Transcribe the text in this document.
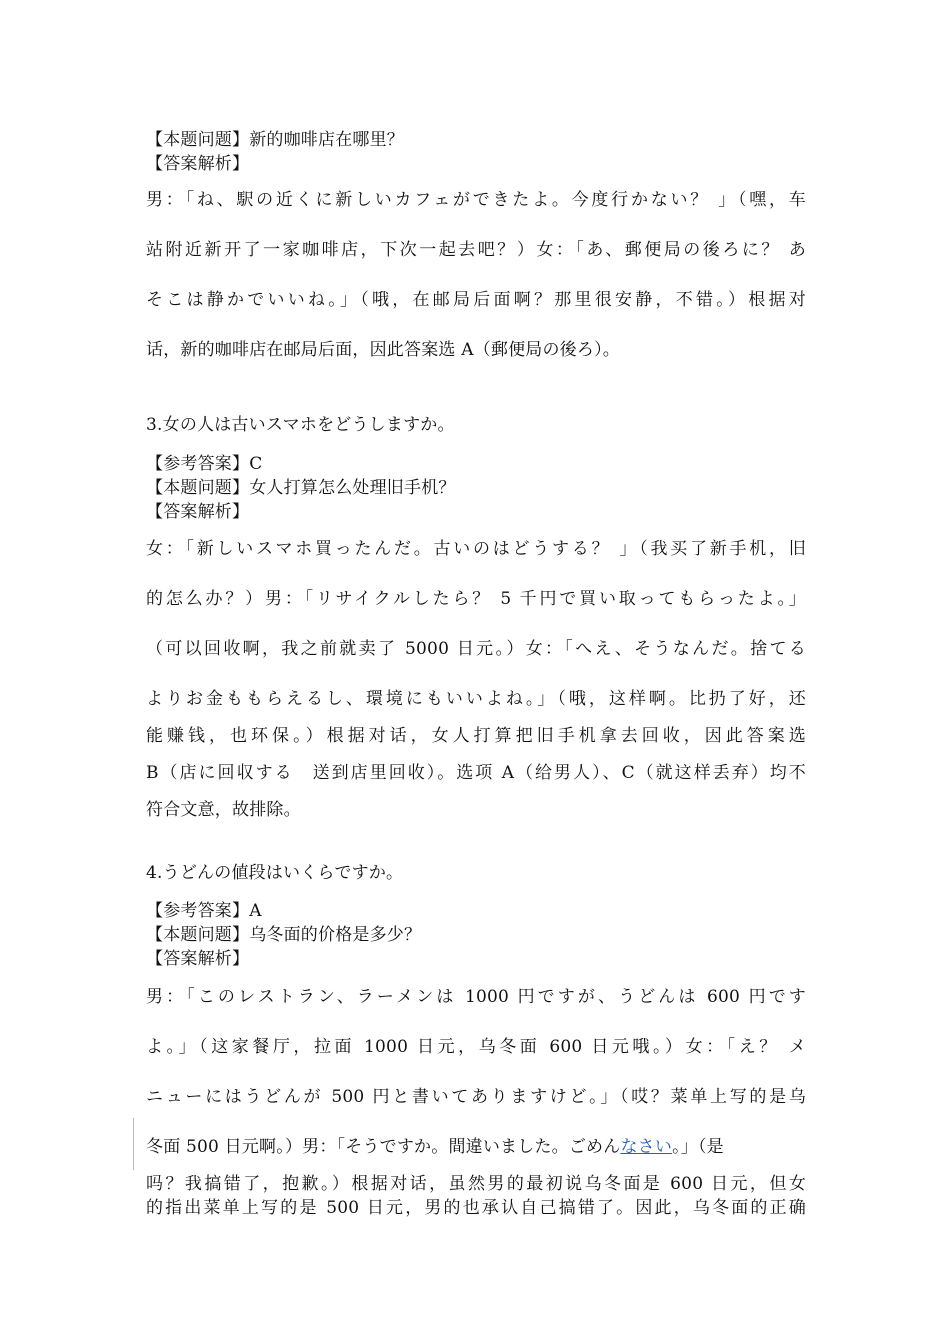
【本题问题】新的咖啡店在哪里？
【答案解析】
男：「ね、駅の近くに新しいカフェができたよ。今度行かない？ 」（嘿，车
站附近新开了一家咖啡店，下次一起去吧？）女：「あ、郵便局の後ろに？ あ
そこは静かでいいね。」（哦，在邮局后面啊？那里很安静，不错。）根据对
话，新的咖啡店在邮局后面，因此答案选 A（郵便局の後ろ）。
3.女の人は古いスマホをどうしますか。
【参考答案】C
【本题问题】女人打算怎么处理旧手机？
【答案解析】
女：「新しいスマホ買ったんだ。古いのはどうする？ 」（我买了新手机，旧
的怎么办？）男：「リサイクルしたら？ 5 千円で買い取ってもらったよ。」
（可以回收啊，我之前就卖了 5000 日元。）女：「へえ、そうなんだ。捨てる
よりお金ももらえるし、環境にもいいよね。」（哦，这样啊。比扔了好，还
能赚钱，也环保。）根据对话，女人打算把旧手机拿去回收，因此答案选
B（店に回収する　送到店里回收）。选项 A（给男人）、C（就这样丢弃）均不
符合文意，故排除。
4.うどんの値段はいくらですか。
【参考答案】A
【本题问题】乌冬面的价格是多少？
【答案解析】
男：「このレストラン、ラーメンは 1000 円ですが、うどんは 600 円です
よ。」（这家餐厅，拉面 1000 日元，乌冬面 600 日元哦。）女：「え？ メ
ニューにはうどんが 500 円と書いてありますけど。」（哎？菜单上写的是乌
冬面 500 日元啊。）男：「そうですか。間違いました。ごめんなさい。」（是
吗？我搞错了，抱歉。）根据对话，虽然男的最初说乌冬面是 600 日元，但女
的指出菜单上写的是 500 日元，男的也承认自己搞错了。因此，乌冬面的正确
